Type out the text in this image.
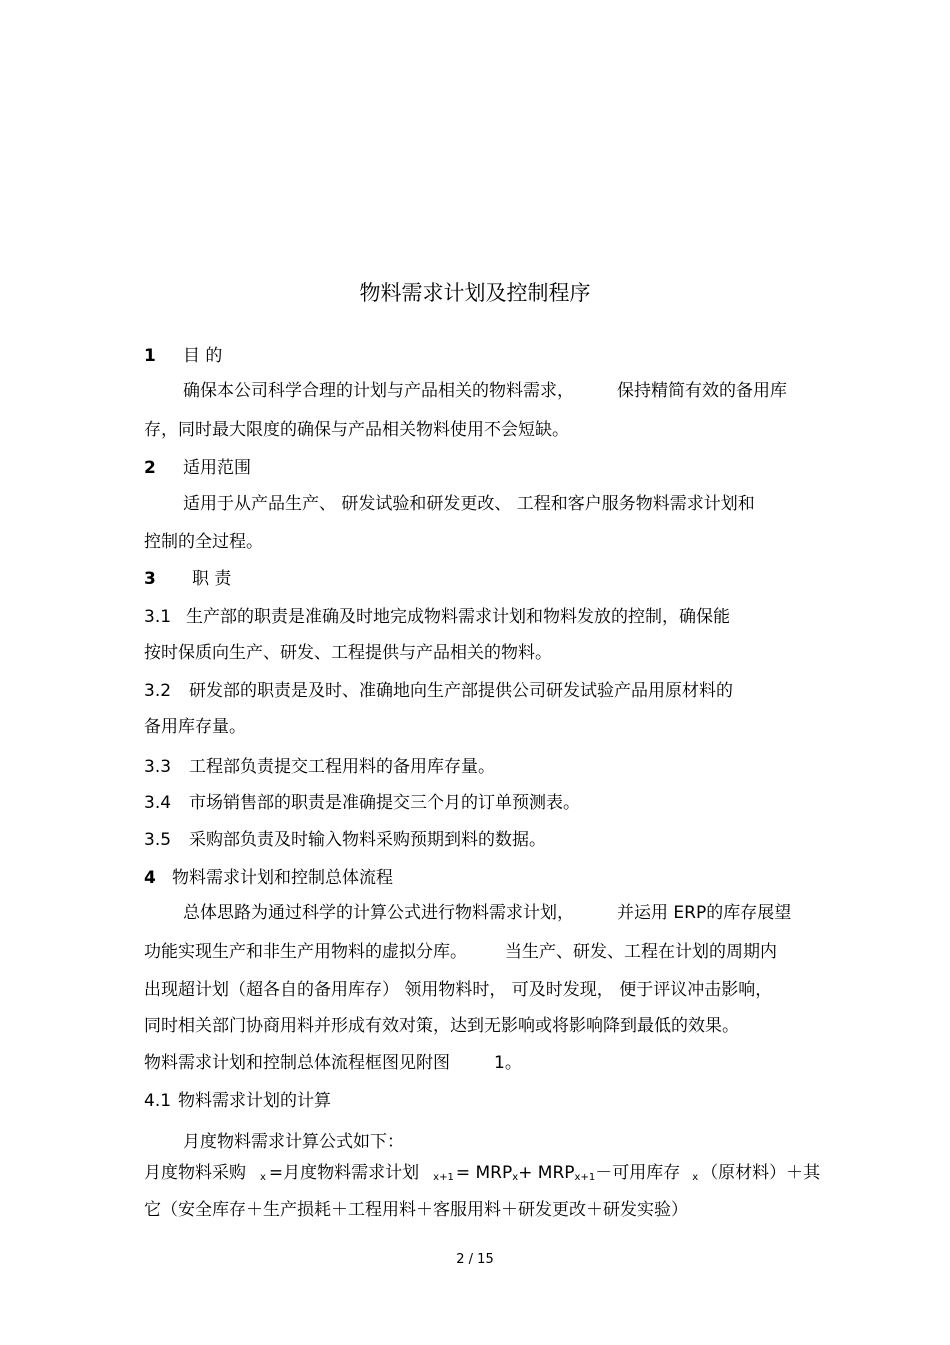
物料需求计划及控制程序
1 目 的
确保本公司科学合理的计划与产品相关的物料需求，	保持精简有效的备用库
存，同时最大限度的确保与产品相关物料使用不会短缺。
2 适用范围
适用于从产品生产、 研发试验和研发更改、 工程和客户服务物料需求计划和
控制的全过程。
3 职 责
3.1 生产部的职责是准确及时地完成物料需求计划和物料发放的控制，确保能
按时保质向生产、研发、工程提供与产品相关的物料。
3.2 研发部的职责是及时、准确地向生产部提供公司研发试验产品用原材料的
备用库存量。
3.3 工程部负责提交工程用料的备用库存量。
3.4 市场销售部的职责是准确提交三个月的订单预测表。
3.5 采购部负责及时输入物料采购预期到料的数据。
4 物料需求计划和控制总体流程
总体思路为通过科学的计算公式进行物料需求计划，	并运用 ERP的库存展望
功能实现生产和非生产用物料的虚拟分库。 当生产、研发、工程在计划的周期内
出现超计划（超各自的备用库存） 领用物料时， 可及时发现， 便于评议冲击影响，
同时相关部门协商用料并形成有效对策，达到无影响或将影响降到最低的效果。
物料需求计划和控制总体流程框图见附图	1。
4.1 物料需求计划的计算
月度物料需求计算公式如下：
月度物料采购 $_x$ =月度物料需求计划 $_{x+1} = MRP_x+ MRP_{x+1}-$可用库存 $_x$ （原材料）＋其
它（安全库存＋生产损耗＋工程用料＋客服用料＋研发更改＋研发实验）
2 / 15
